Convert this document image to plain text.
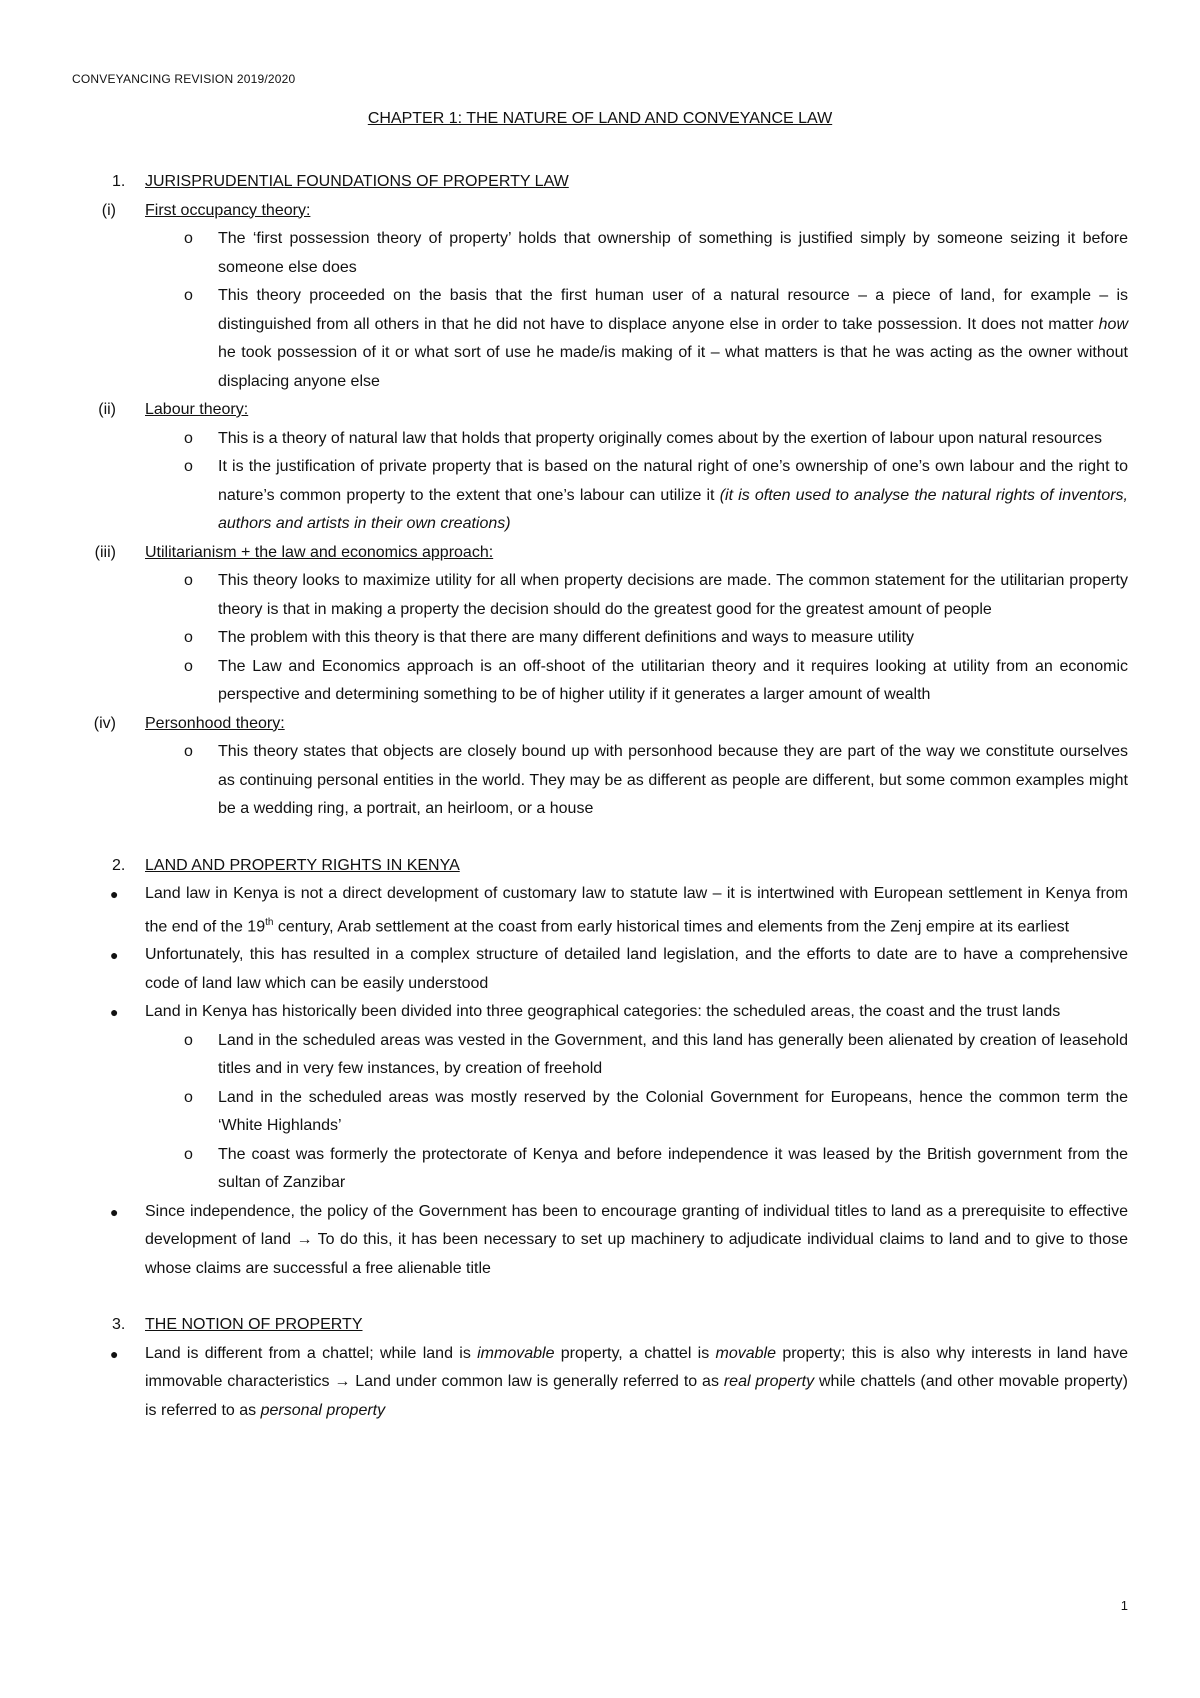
CONVEYANCING REVISION 2019/2020
CHAPTER 1: THE NATURE OF LAND AND CONVEYANCE LAW
1. JURISPRUDENTIAL FOUNDATIONS OF PROPERTY LAW
(i) First occupancy theory:
o The ‘first possession theory of property’ holds that ownership of something is justified simply by someone seizing it before someone else does
o This theory proceeded on the basis that the first human user of a natural resource – a piece of land, for example – is distinguished from all others in that he did not have to displace anyone else in order to take possession. It does not matter how he took possession of it or what sort of use he made/is making of it – what matters is that he was acting as the owner without displacing anyone else
(ii) Labour theory:
o This is a theory of natural law that holds that property originally comes about by the exertion of labour upon natural resources
o It is the justification of private property that is based on the natural right of one’s ownership of one’s own labour and the right to nature’s common property to the extent that one’s labour can utilize it (it is often used to analyse the natural rights of inventors, authors and artists in their own creations)
(iii) Utilitarianism + the law and economics approach:
o This theory looks to maximize utility for all when property decisions are made. The common statement for the utilitarian property theory is that in making a property the decision should do the greatest good for the greatest amount of people
o The problem with this theory is that there are many different definitions and ways to measure utility
o The Law and Economics approach is an off-shoot of the utilitarian theory and it requires looking at utility from an economic perspective and determining something to be of higher utility if it generates a larger amount of wealth
(iv) Personhood theory:
o This theory states that objects are closely bound up with personhood because they are part of the way we constitute ourselves as continuing personal entities in the world. They may be as different as people are different, but some common examples might be a wedding ring, a portrait, an heirloom, or a house
2. LAND AND PROPERTY RIGHTS IN KENYA
● Land law in Kenya is not a direct development of customary law to statute law – it is intertwined with European settlement in Kenya from the end of the 19th century, Arab settlement at the coast from early historical times and elements from the Zenj empire at its earliest
● Unfortunately, this has resulted in a complex structure of detailed land legislation, and the efforts to date are to have a comprehensive code of land law which can be easily understood
● Land in Kenya has historically been divided into three geographical categories: the scheduled areas, the coast and the trust lands
o Land in the scheduled areas was vested in the Government, and this land has generally been alienated by creation of leasehold titles and in very few instances, by creation of freehold
o Land in the scheduled areas was mostly reserved by the Colonial Government for Europeans, hence the common term the ‘White Highlands’
o The coast was formerly the protectorate of Kenya and before independence it was leased by the British government from the sultan of Zanzibar
● Since independence, the policy of the Government has been to encourage granting of individual titles to land as a prerequisite to effective development of land → To do this, it has been necessary to set up machinery to adjudicate individual claims to land and to give to those whose claims are successful a free alienable title
3. THE NOTION OF PROPERTY
● Land is different from a chattel; while land is immovable property, a chattel is movable property; this is also why interests in land have immovable characteristics → Land under common law is generally referred to as real property while chattels (and other movable property) is referred to as personal property
1
